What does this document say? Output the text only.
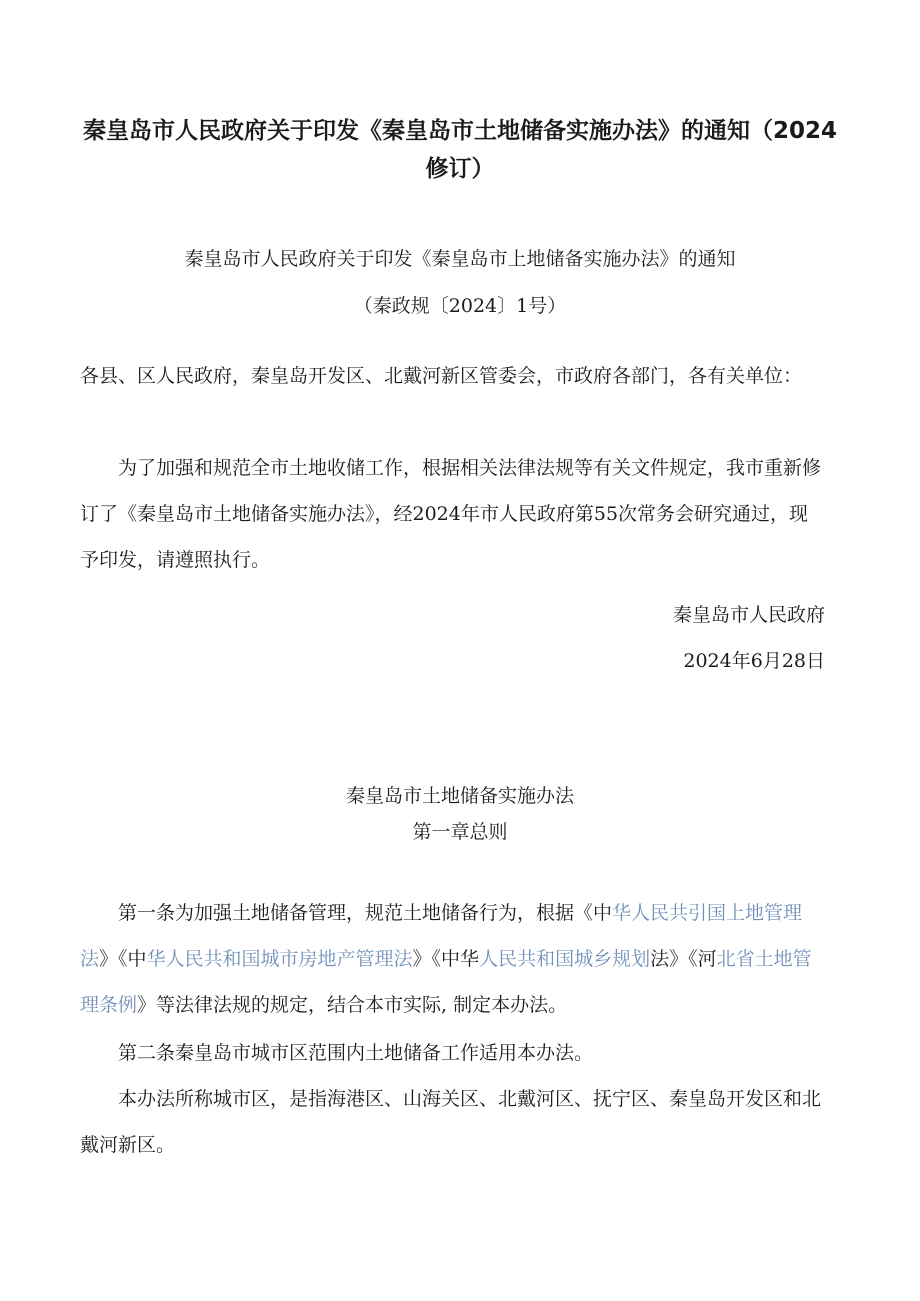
秦皇岛市人民政府关于印发《秦皇岛市土地储备实施办法》的通知（2024修订）

秦皇岛市人民政府关于印发《秦皇岛市上地储备实施办法》的通知

（秦政规〔2024〕1号）

各县、区人民政府，秦皇岛开发区、北戴河新区管委会，市政府各部门，各有关单位：

为了加强和规范全市土地收储工作，根据相关法律法规等有关文件规定，我市重新修订了《秦皇岛市土地储备实施办法》，经2024年市人民政府第55次常务会研究通过，现予印发，请遵照执行。

秦皇岛市人民政府

2024年6月28日

秦皇岛市土地储备实施办法

第一章总则

第一条为加强土地储备管理，规范土地储备行为，根据《中华人民共引国上地管理法》《中华人民共和国城市房地产管理法》《中华人民共和国城乡规划法》《河北省土地管理条例》等法律法规的规定，结合本市实际, 制定本办法。

第二条秦皇岛市城市区范围内土地储备工作适用本办法。

本办法所称城市区，是指海港区、山海关区、北戴河区、抚宁区、秦皇岛开发区和北戴河新区。
